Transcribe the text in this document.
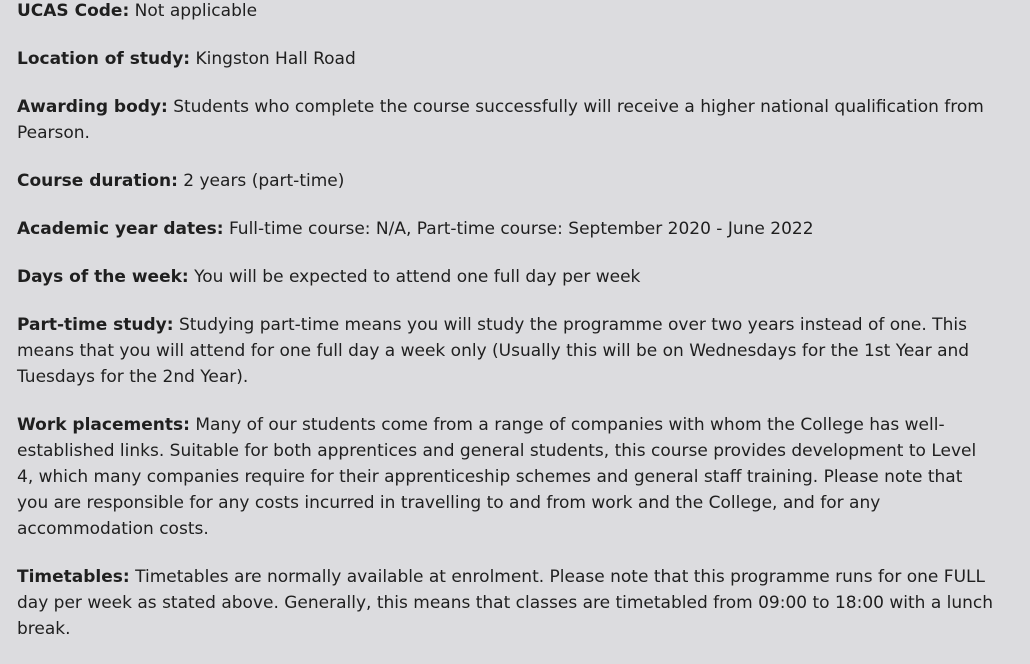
UCAS Code: Not applicable

Location of study: Kingston Hall Road

Awarding body: Students who complete the course successfully will receive a higher national qualification from Pearson.

Course duration: 2 years (part-time)

Academic year dates: Full-time course: N/A, Part-time course: September 2020 - June 2022

Days of the week: You will be expected to attend one full day per week

Part-time study: Studying part-time means you will study the programme over two years instead of one. This means that you will attend for one full day a week only (Usually this will be on Wednesdays for the 1st Year and Tuesdays for the 2nd Year).

Work placements: Many of our students come from a range of companies with whom the College has well-established links. Suitable for both apprentices and general students, this course provides development to Level 4, which many companies require for their apprenticeship schemes and general staff training. Please note that you are responsible for any costs incurred in travelling to and from work and the College, and for any accommodation costs.

Timetables: Timetables are normally available at enrolment. Please note that this programme runs for one FULL day per week as stated above. Generally, this means that classes are timetabled from 09:00 to 18:00 with a lunch break.
